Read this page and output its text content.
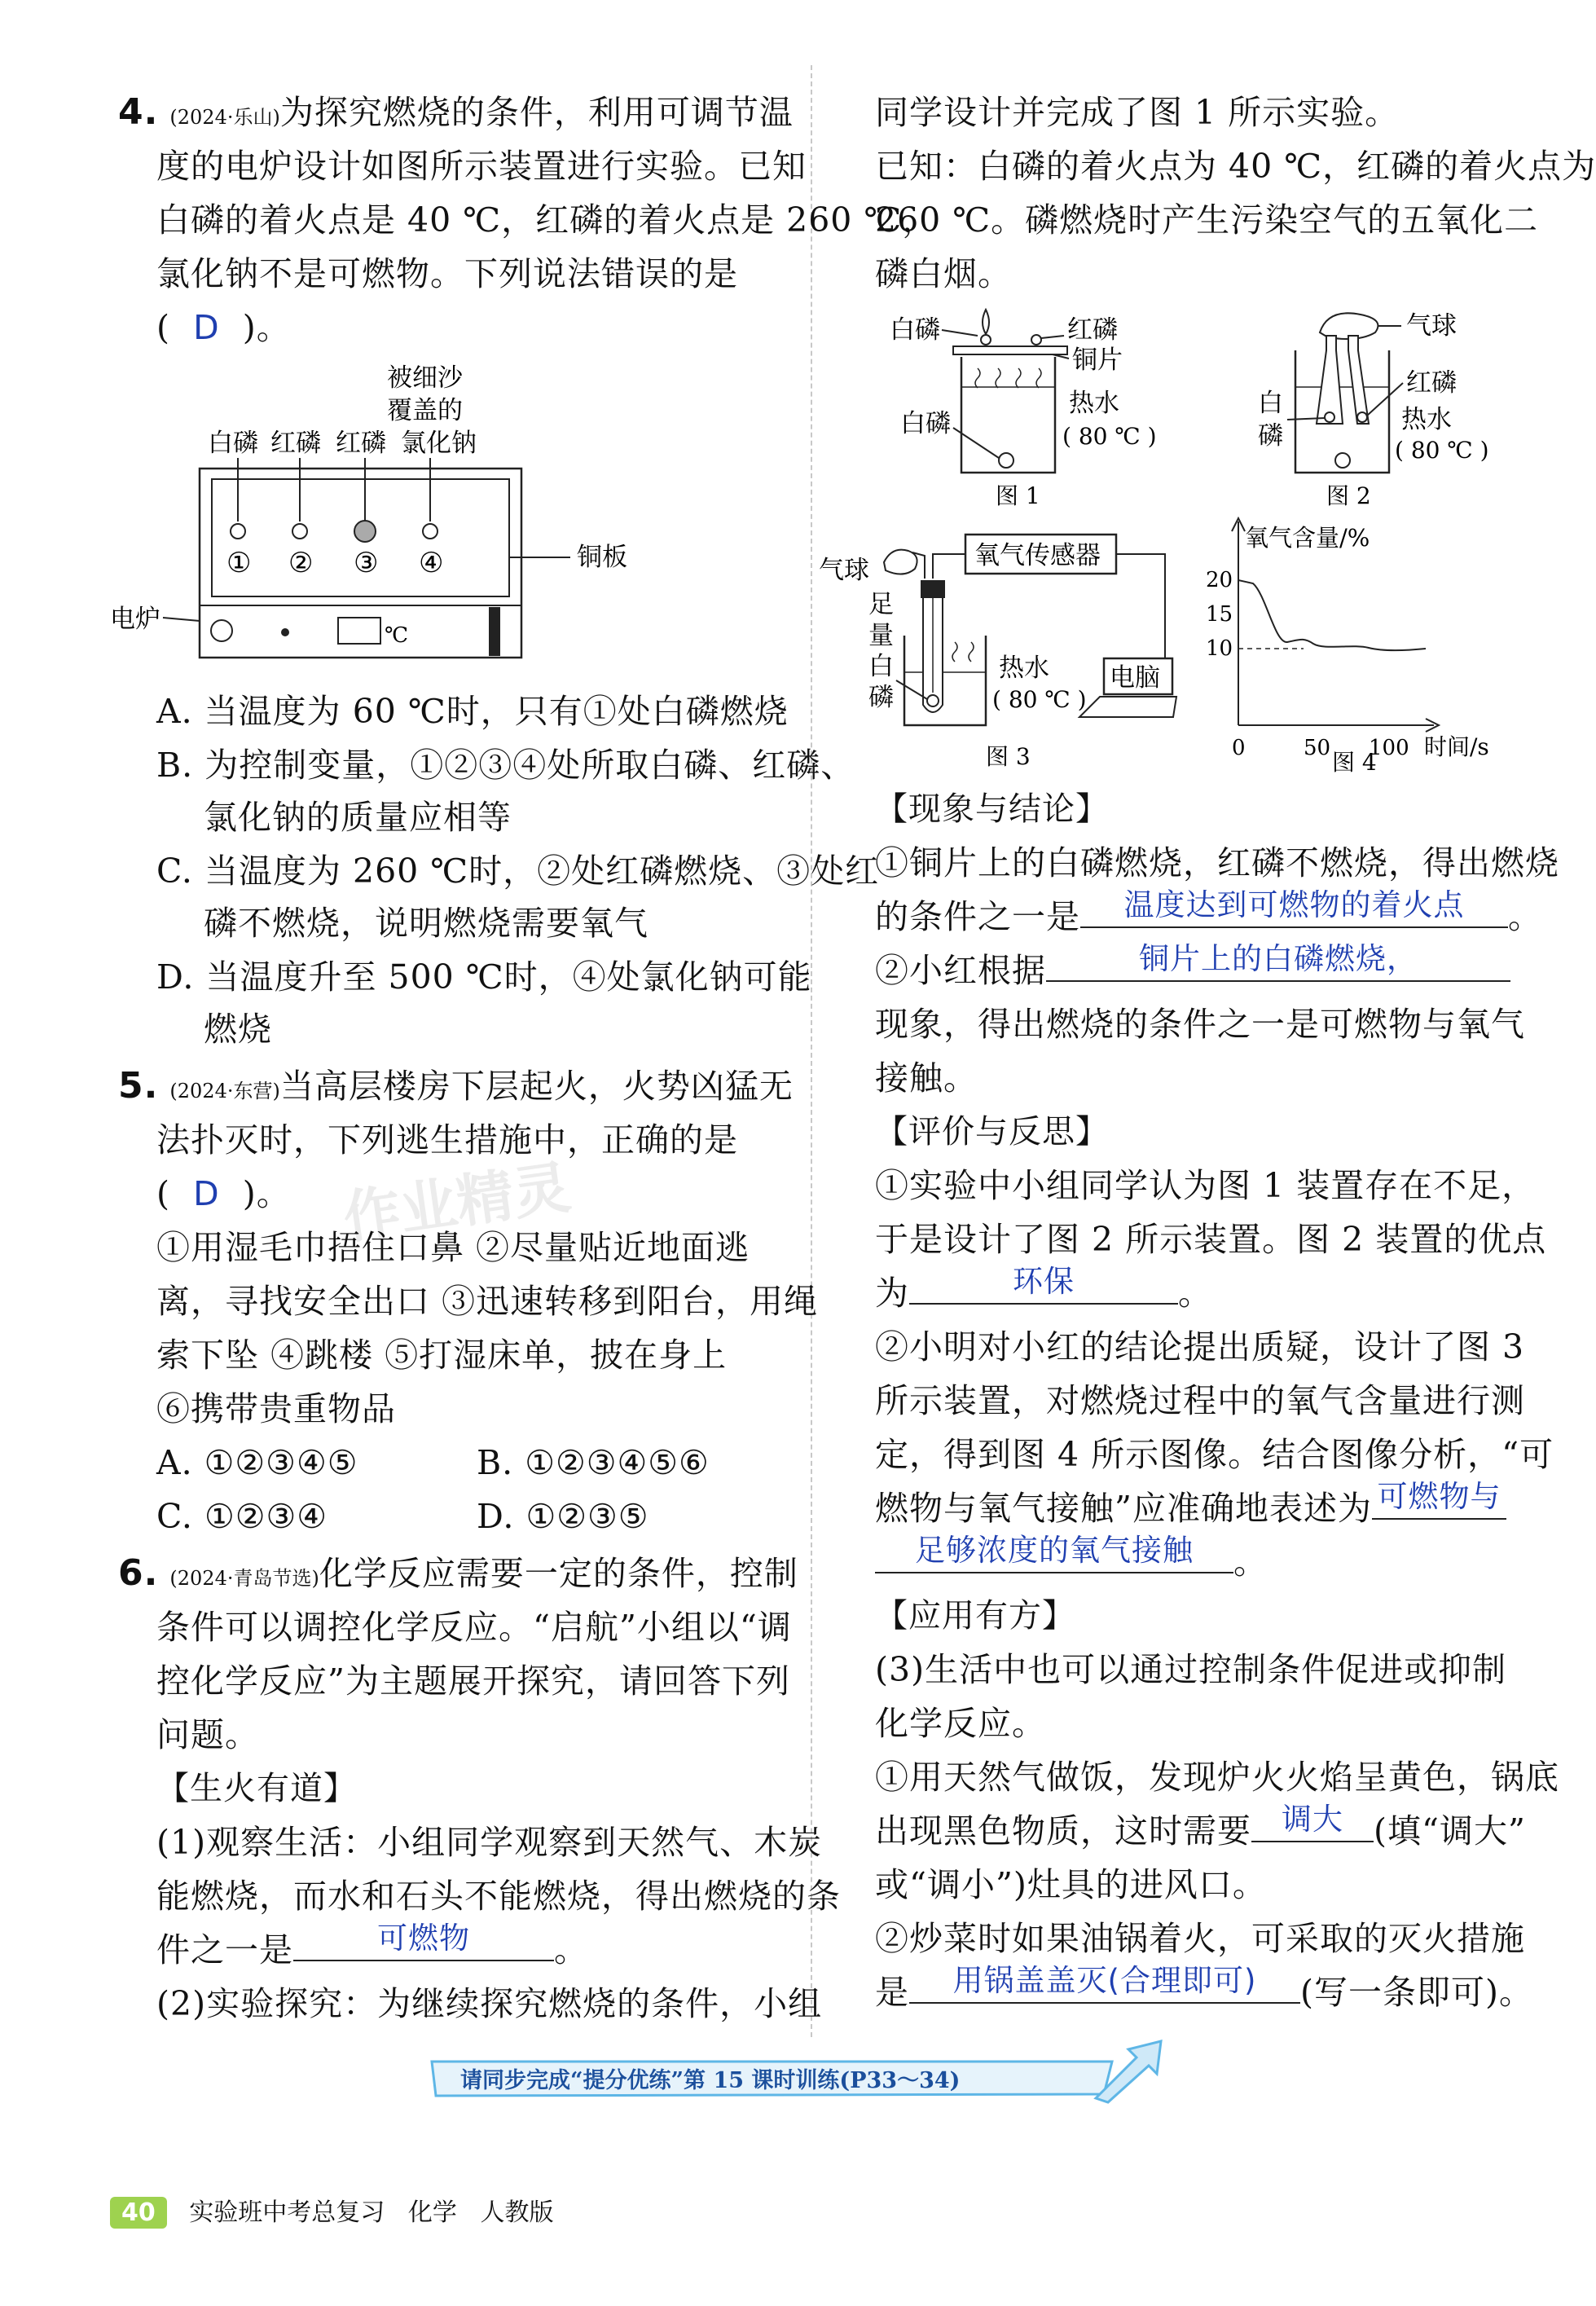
4. (2024·乐山)为探究燃烧的条件，利用可调节温
度的电炉设计如图所示装置进行实验。已知
白磷的着火点是 40 ℃，红磷的着火点是 260 ℃，
氯化钠不是可燃物。下列说法错误的是
( D )。
被细沙
覆盖的
白磷 红磷 红磷 氯化钠
① ② ③ ④	铜板
℃
电炉
A. 当温度为 60 ℃时，只有①处白磷燃烧
B. 为控制变量，①②③④处所取白磷、红磷、
氯化钠的质量应相等
C. 当温度为 260 ℃时，②处红磷燃烧、③处红
磷不燃烧，说明燃烧需要氧气
D. 当温度升至 500 ℃时，④处氯化钠可能
燃烧
5. (2024·东营)当高层楼房下层起火，火势凶猛无
法扑灭时，下列逃生措施中，正确的是
( D )。 作业精灵
①用湿毛巾捂住口鼻 ②尽量贴近地面逃
离，寻找安全出口 ③迅速转移到阳台，用绳
索下坠 ④跳楼 ⑤打湿床单，披在身上
⑥携带贵重物品
A. ①②③④⑤	B. ①②③④⑤⑥
C. ①②③④	D. ①②③⑤
6. (2024·青岛节选)化学反应需要一定的条件，控制
条件可以调控化学反应。“启航”小组以“调
控化学反应”为主题展开探究，请回答下列
问题。
【生火有道】
(1)观察生活：小组同学观察到天然气、木炭
能燃烧，而水和石头不能燃烧，得出燃烧的条
件之一是	可燃物	。
(2)实验探究：为继续探究燃烧的条件，小组
同学设计并完成了图 1 所示实验。
已知：白磷的着火点为 40 ℃，红磷的着火点为
260 ℃。磷燃烧时产生污染空气的五氧化二
磷白烟。
白磷	红磷
铜片
白磷
热水
( 80 ℃ )
图 1
气球
红磷
白
磷
热水
( 80 ℃ )
图 2
气球	氧气传感器
足
量
白
磷
热水
( 80 ℃ )
电脑
图 3
氧气含量/%
20
15
10
0	50 100 时间/s
图 4
【现象与结论】
①铜片上的白磷燃烧，红磷不燃烧，得出燃烧
的条件之一是	温度达到可燃物的着火点	。
②小红根据	铜片上的白磷燃烧，
现象，得出燃烧的条件之一是可燃物与氧气
接触。
【评价与反思】
①实验中小组同学认为图 1 装置存在不足，
于是设计了图 2 所示装置。图 2 装置的优点
为	环保	。
②小明对小红的结论提出质疑，设计了图 3
所示装置，对燃烧过程中的氧气含量进行测
定，得到图 4 所示图像。结合图像分析，“可
燃物与氧气接触”应准确地表述为 可燃物与
足够浓度的氧气接触	。
【应用有方】
(3)生活中也可以通过控制条件促进或抑制
化学反应。
①用天然气做饭，发现炉火火焰呈黄色，锅底
出现黑色物质，这时需要	调大 (填“调大”
或“调小”)灶具的进风口。
②炒菜时如果油锅着火，可采取的灭火措施
是	用锅盖盖灭(合理即可)	(写一条即可)。
请同步完成“提分优练”第 15 课时训练(P33～34)
40 实验班中考总复习 化学 人教版
